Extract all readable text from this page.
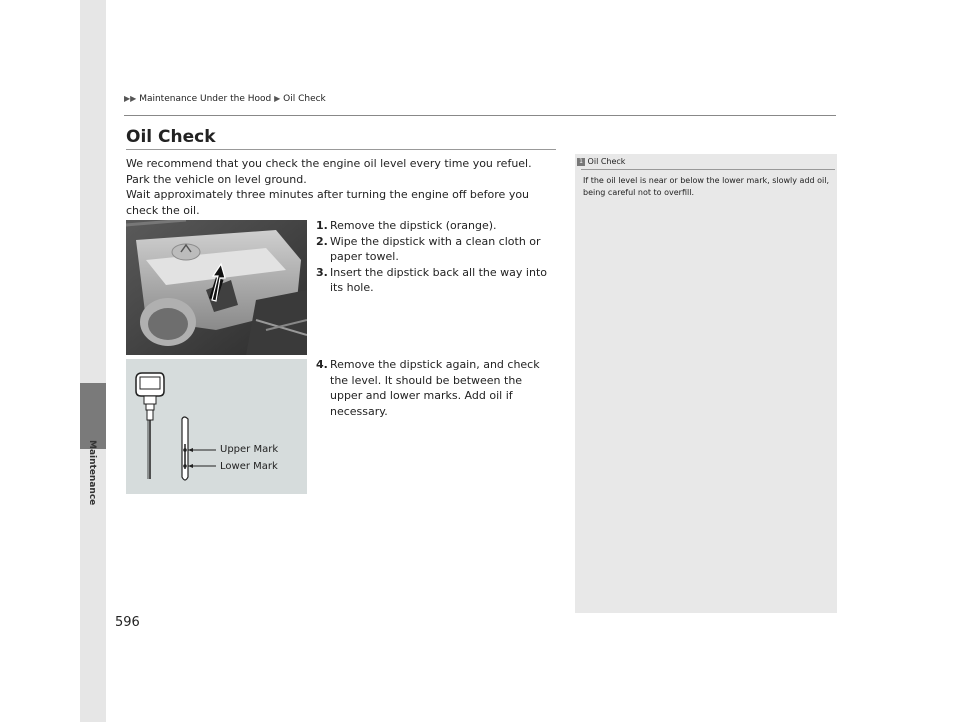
Maintenance
▶▶ Maintenance Under the Hood ▶ Oil Check
Oil Check

We recommend that you check the engine oil level every time you refuel.

Park the vehicle on level ground.

Wait approximately three minutes after turning the engine off before you check the oil.

1. Remove the dipstick (orange).
2. Wipe the dipstick with a clean cloth or paper towel.
3. Insert the dipstick back all the way into its hole.
4. Remove the dipstick again, and check the level. It should be between the upper and lower marks. Add oil if necessary.
Upper Mark
Lower Mark
1 Oil Check
If the oil level is near or below the lower mark, slowly add oil, being careful not to overfill.
596
